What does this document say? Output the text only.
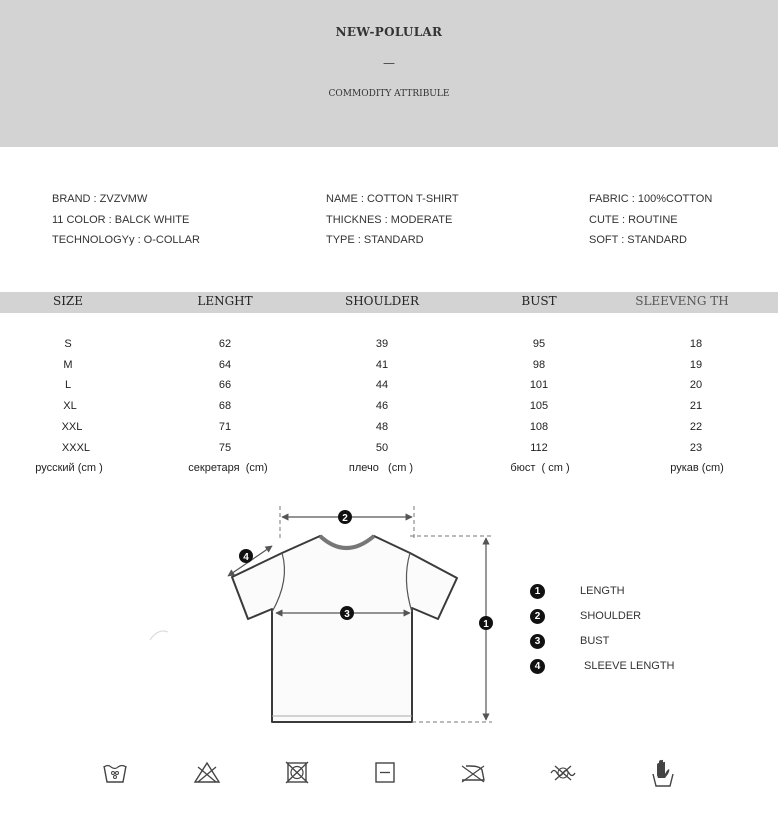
NEW-POLULAR
—
COMMODITY ATTRIBULE
BRAND : ZVZVMW
11 COLOR : BALCK WHITE
TECHNOLOGYy : O-COLLAR
NAME : COTTON T-SHIRT
THICKNES : MODERATE
TYPE : STANDARD
FABRIC : 100%COTTON
CUTE : ROUTINE
SOFT : STANDARD
SIZE	LENGHT	SHOULDER	BUST	SLEEVENG TH
S	62	39	95	18
M	64	41	98	19
L	66	44	101	20
XL	68	46	105	21
XXL	71	48	108	22
XXXL	75	50	112	23
русский (cm )	секретаря  (cm)	плечо   (cm )	бюст  ( cm )	рукав (cm)
2
4
3
1
1	LENGTH
2	SHOULDER
3	BUST
4	SLEEVE LENGTH
